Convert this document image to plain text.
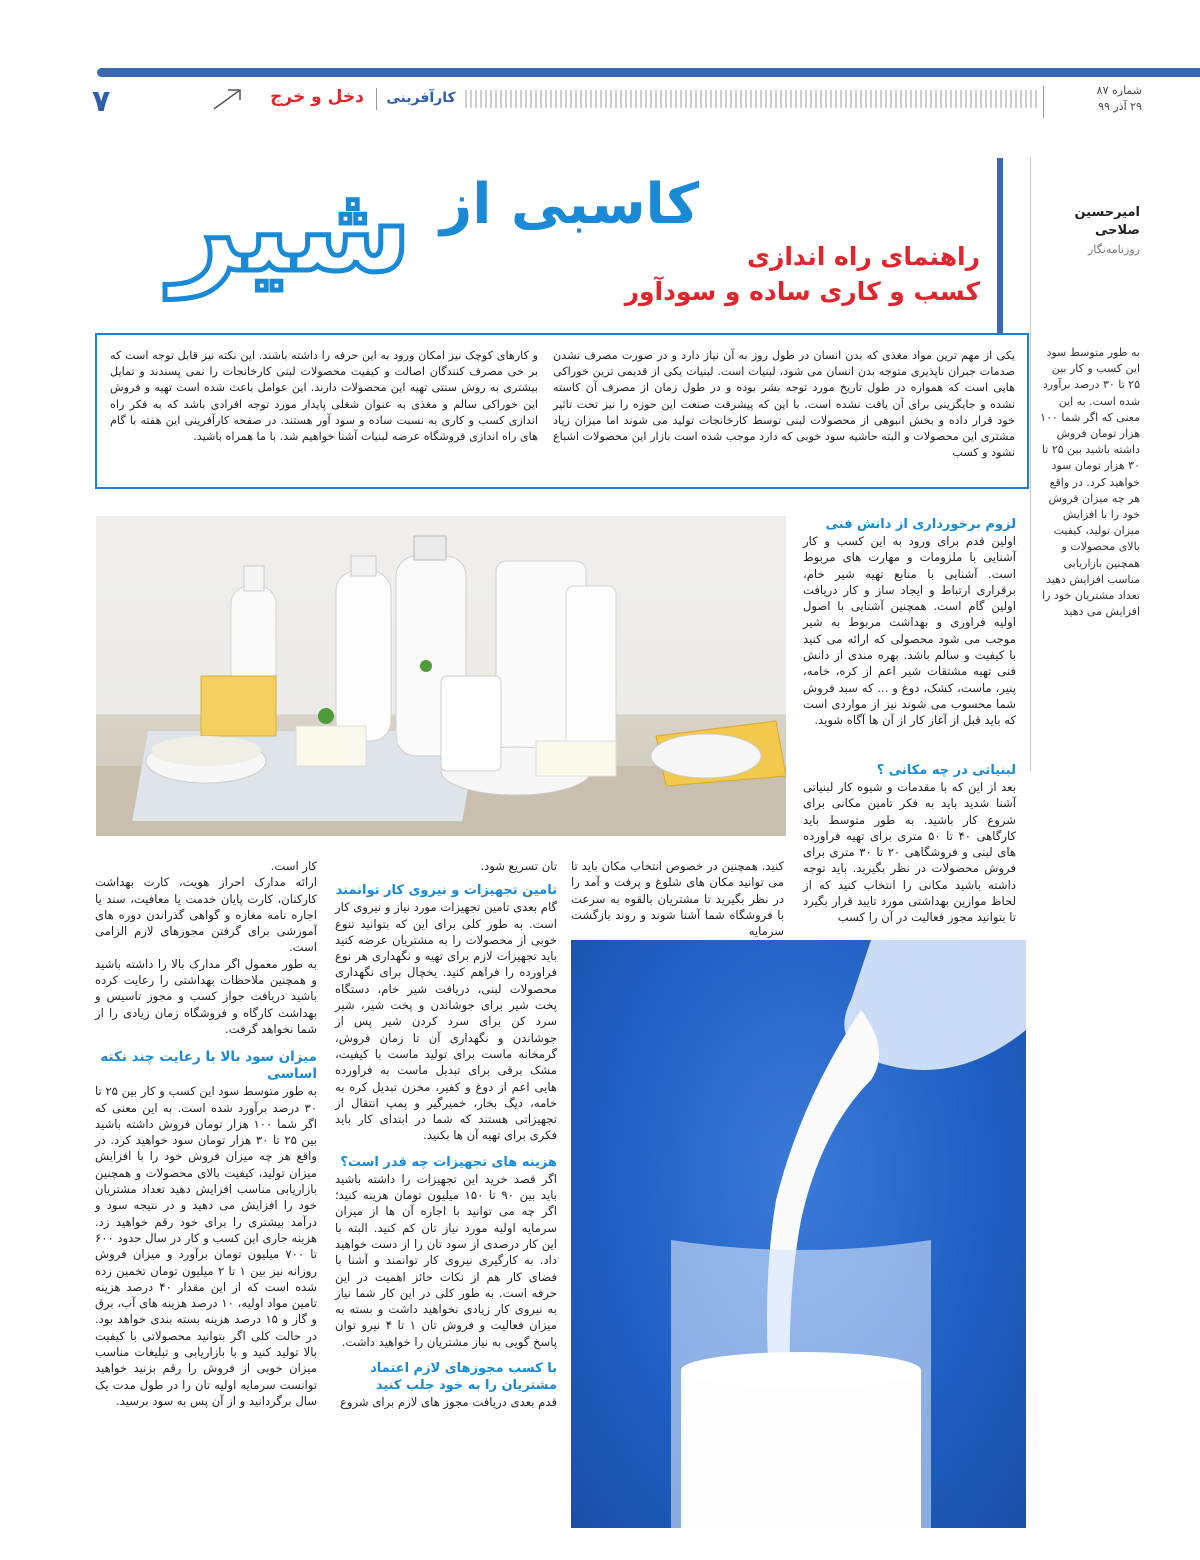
۷	دخل و خرج	کارآفرینی	شماره ۸۷
۲۹ آذر ۹۹
امیرحسین
صلاحی
روزنامه‌نگار
به طور متوسط سود این کسب و کار بین ۲۵ تا ۳۰ درصد برآورد شده است. به این معنی که اگر شما ۱۰۰ هزار تومان فروش داشته باشید بین ۲۵ تا ۳۰ هزار تومان سود خواهید کرد. در واقع هر چه میزان فروش خود را با افزایش میزان تولید، کیفیت بالای محصولات و همچنین بازاریابی مناسب افزایش دهید تعداد مشتریان خود را افزایش می دهید
شیر کاسبی از
راهنمای راه اندازی
کسب و کاری ساده و سودآور

یکی از مهم ترین مواد مغذی که بدن انسان در طول روز به آن نیاز دارد و در صورت مصرف نشدن صدمات جبران ناپذیری متوجه بدن انسان می شود، لبنیات است. لبنیات یکی از قدیمی ترین خوراکی هایی است که همواره در طول تاریخ مورد توجه بشر بوده و در طول زمان از مصرف آن کاسته نشده و جایگزینی برای آن یافت نشده است. با این که پیشرفت صنعت این حوزه را نیز تحت تاثیر خود قرار داده و بخش انبوهی از محصولات لبنی توسط کارخانجات تولید می شوند اما میزان زیاد مشتری این محصولات و البته حاشیه سود خوبی که دارد موجب شده است بازار این محصولات اشباع نشود و کسب

و کارهای کوچک نیز امکان ورود به این حرفه را داشته باشند. این نکته نیز قابل توجه است که بر خی مصرف کنندگان اصالت و کیفیت محصولات لبنی کارخانجات را نمی پسندند و تمایل بیشتری به روش سنتی تهیه این محصولات دارند. این عوامل باعث شده است تهیه و فروش این خوراکی سالم و مغذی به عنوان شغلی پایدار مورد توجه افرادی باشد که به فکر راه اندازی کسب و کاری به نسبت ساده و سود آور هستند. در صفحه کارآفرینی این هفته با گام های راه اندازی فروشگاه عرضه لبنیات آشنا خواهیم شد. با ما همراه باشید.

لزوم برخورداری از دانش فنی

اولین قدم برای ورود به این کسب و کار آشنایی با ملزومات و مهارت های مربوط است. آشنایی با منابع تهیه شیر خام، برقراری ارتباط و ایجاد ساز و کار دریافت اولین گام است. همچنین آشنایی با اصول اولیه فراوری و بهداشت مربوط به شیر موجب می شود محصولی که ارائه می کنید با کیفیت و سالم باشد. بهره مندی از دانش فنی تهیه مشتقات شیر اعم از کره، خامه، پنیر، ماست، کشک، دوغ و ... که سبد فروش شما محسوب می شوند نیز از مواردی است که باید قبل از آغاز کار از آن ها آگاه شوید.

لبنیاتی در چه مکانی ؟

بعد از این که با مقدمات و شیوه کار لبنیاتی آشنا شدید باید به فکر تامین مکانی برای شروع کار باشید. به طور متوسط باید کارگاهی ۴۰ تا ۵۰ متری برای تهیه فراورده های لبنی و فروشگاهی ۲۰ تا ۳۰ متری برای فروش محصولات در نظر بگیرید. باید توجه داشته باشید مکانی را انتخاب کنید که از لحاظ موازین بهداشتی مورد تایید قرار بگیرد تا بتوانید مجوز فعالیت در آن را کسب

کنید. همچنین در خصوص انتخاب مکان باید تا می توانید مکان های شلوغ و پرفت و آمد را در نظر بگیرید تا مشتریان بالقوه به سرعت با فروشگاه شما آشنا شوند و روند بازگشت سرمایه

تان تسریع شود.

تامین تجهیزات و نیروی کار توانمند

گام بعدی تامین تجهیزات مورد نیاز و نیروی کار است. به طور کلی برای این که بتوانید تنوع خوبی از محصولات را به مشتریان عرضه کنید باید تجهیزات لازم برای تهیه و نگهداری هر نوع فراورده را فراهم کنید. یخچال برای نگهداری محصولات لبنی، دریافت شیر خام، دستگاه پخت شیر برای جوشاندن و پخت شیر، شیر سرد کن برای سرد کردن شیر پس از جوشاندن و نگهداری آن تا زمان فروش، گرمخانه ماست برای تولید ماست با کیفیت، مشک برقی برای تبدیل ماست به فراورده هایی اعم از دوغ و کفیر، مخزن تبدیل کره به خامه، دیگ بخار، خمیرگیر و پمپ انتقال از تجهیزاتی هستند که شما در ابتدای کار باید فکری برای تهیه آن ها بکنید.

هزینه های تجهیزات چه قدر است؟

اگر قصد خرید این تجهیزات را داشته باشید باید بین ۹۰ تا ۱۵۰ میلیون تومان هزینه کنید؛ اگر چه می توانید با اجاره آن ها از میزان سرمایه اولیه مورد نیاز تان کم کنید. البته با این کار درصدی از سود تان را از دست خواهید داد. به کارگیری نیروی کار توانمند و آشنا با فضای کار هم از نکات حائز اهمیت در این حرفه است. به طور کلی در این کار شما نیاز به نیروی کار زیادی نخواهید داشت و بسته به میزان فعالیت و فروش تان ۱ تا ۴ نیرو توان پاسخ گویی به نیاز مشتریان را خواهید داشت.

با کسب مجوزهای لازم اعتماد
مشتریان را به خود جلب کنید

قدم بعدی دریافت مجوز های لازم برای شروع

کار است.

ارائه مدارک احراز هویت، کارت بهداشت کارکنان، کارت پایان خدمت یا معافیت، سند یا اجاره نامه مغازه و گواهی گذراندن دوره های آموزشی برای گرفتن مجوزهای لازم الزامی است.

به طور معمول اگر مدارک بالا را داشته باشید و همچنین ملاحظات بهداشتی را رعایت کرده باشید دریافت جواز کسب و مجوز تاسیس و بهداشت کارگاه و فروشگاه زمان زیادی را از شما نخواهد گرفت.

میزان سود بالا با رعایت چند نکته
اساسی

به طور متوسط سود این کسب و کار بین ۲۵ تا ۳۰ درصد برآورد شده است. به این معنی که اگر شما ۱۰۰ هزار تومان فروش داشته باشید بین ۲۵ تا ۳۰ هزار تومان سود خواهید کرد. در واقع هر چه میزان فروش خود را با افزایش میزان تولید، کیفیت بالای محصولات و همچنین بازاریابی مناسب افزایش دهید تعداد مشتریان خود را افزایش می دهید و در نتیجه سود و درآمد بیشتری را برای خود رقم خواهید زد. هزینه جاری این کسب و کار در سال حدود ۶۰۰ تا ۷۰۰ میلیون تومان برآورد و میزان فروش روزانه نیز بین ۱ تا ۲ میلیون تومان تخمین زده شده است که از این مقدار ۴۰ درصد هزینه تامین مواد اولیه، ۱۰ درصد هزینه های آب، برق و گاز و ۱۵ درصد هزینه بسته بندی خواهد بود. در حالت کلی اگر بتوانید محصولاتی با کیفیت بالا تولید کنید و با بازاریابی و تبلیغات مناسب میزان خوبی از فروش را رقم بزنید خواهید توانست سرمایه اولیه تان را در طول مدت یک سال برگردانید و از آن پس به سود برسید.
